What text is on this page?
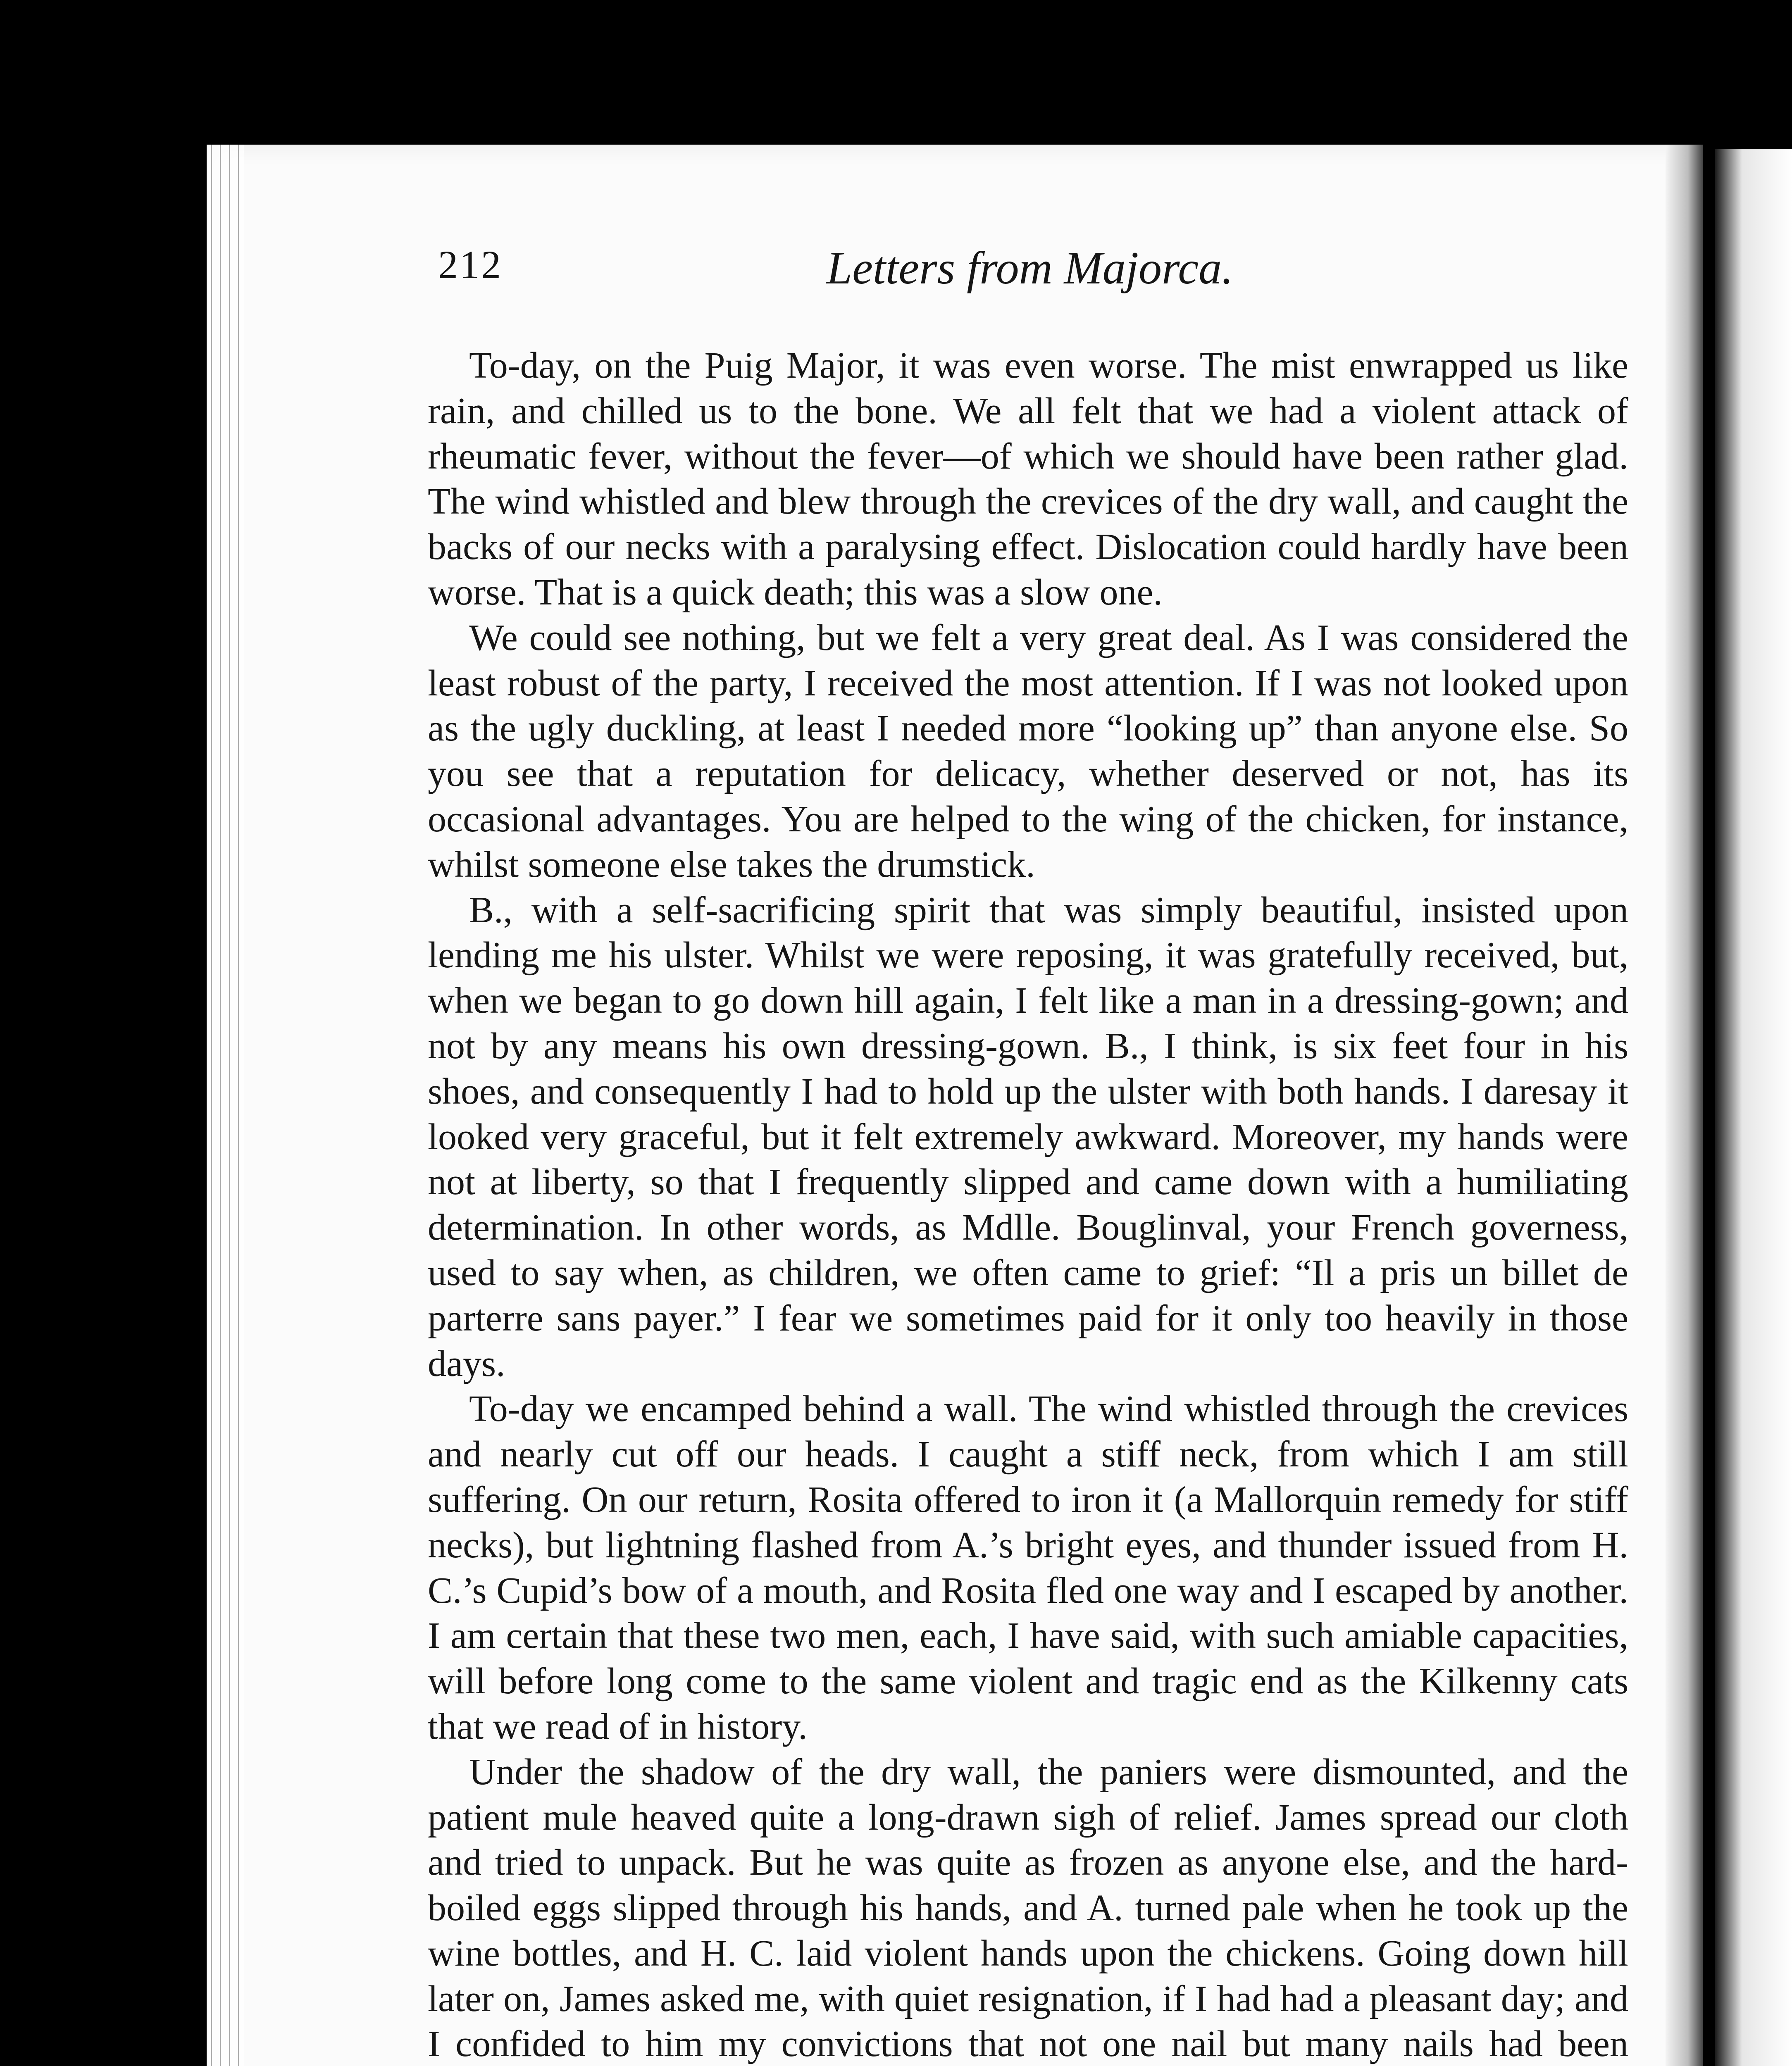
212	Letters from Majorca.

To-day, on the Puig Major, it was even worse. The mist enwrapped us like rain, and chilled us to the bone. We all felt that we had a violent attack of rheumatic fever, without the fever—of which we should have been rather glad. The wind whistled and blew through the crevices of the dry wall, and caught the backs of our necks with a paralysing effect. Dislocation could hardly have been worse. That is a quick death; this was a slow one.

We could see nothing, but we felt a very great deal. As I was considered the least robust of the party, I received the most attention. If I was not looked upon as the ugly duckling, at least I needed more “looking up” than anyone else. So you see that a reputation for delicacy, whether deserved or not, has its occasional advantages. You are helped to the wing of the chicken, for instance, whilst someone else takes the drumstick.

B., with a self-sacrificing spirit that was simply beautiful, insisted upon lending me his ulster. Whilst we were reposing, it was gratefully received, but, when we began to go down hill again, I felt like a man in a dressing-gown; and not by any means his own dressing-gown. B., I think, is six feet four in his shoes, and consequently I had to hold up the ulster with both hands. I daresay it looked very graceful, but it felt extremely awkward. Moreover, my hands were not at liberty, so that I frequently slipped and came down with a humiliating determination. In other words, as Mdlle. Bouglinval, your French governess, used to say when, as children, we often came to grief: “Il a pris un billet de parterre sans payer.” I fear we sometimes paid for it only too heavily in those days.

To-day we encamped behind a wall. The wind whistled through the crevices and nearly cut off our heads. I caught a stiff neck, from which I am still suffering. On our return, Rosita offered to iron it (a Mallorquin remedy for stiff necks), but lightning flashed from A.’s bright eyes, and thunder issued from H. C.’s Cupid’s bow of a mouth, and Rosita fled one way and I escaped by another. I am certain that these two men, each, I have said, with such amiable capacities, will before long come to the same violent and tragic end as the Kilkenny cats that we read of in history.

Under the shadow of the dry wall, the paniers were dismounted, and the patient mule heaved quite a long-drawn sigh of relief. James spread our cloth and tried to unpack. But he was quite as frozen as anyone else, and the hard-boiled eggs slipped through his hands, and A. turned pale when he took up the wine bottles, and H. C. laid violent hands upon the chickens. Going down hill later on, James asked me, with quiet resignation, if I had had a pleasant day; and I confided to him my convictions that not one nail but many nails had been
